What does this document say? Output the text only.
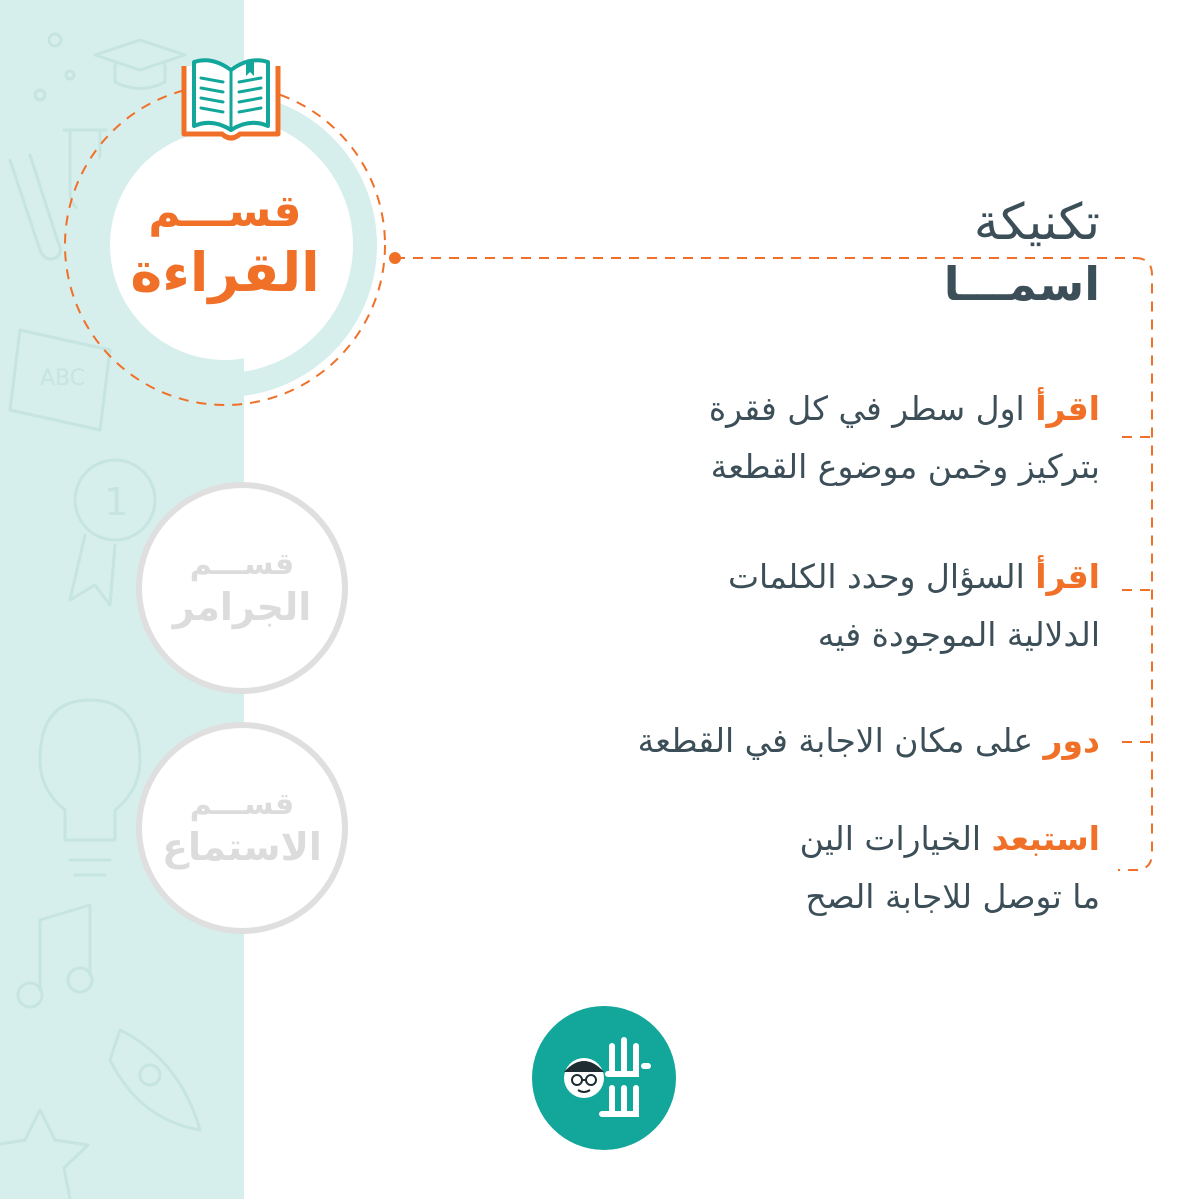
ABC
1
قســـم
القراءة
قســـم
الجرامر
قســـم
الاستماع
تكنيكة
اسمـــا
اقرأ اول سطر في كل فقرة
بتركيز وخمن موضوع القطعة
اقرأ السؤال وحدد الكلمات
الدلالية الموجودة فيه
دور على مكان الاجابة في القطعة
استبعد الخيارات الين
ما توصل للاجابة الصح
